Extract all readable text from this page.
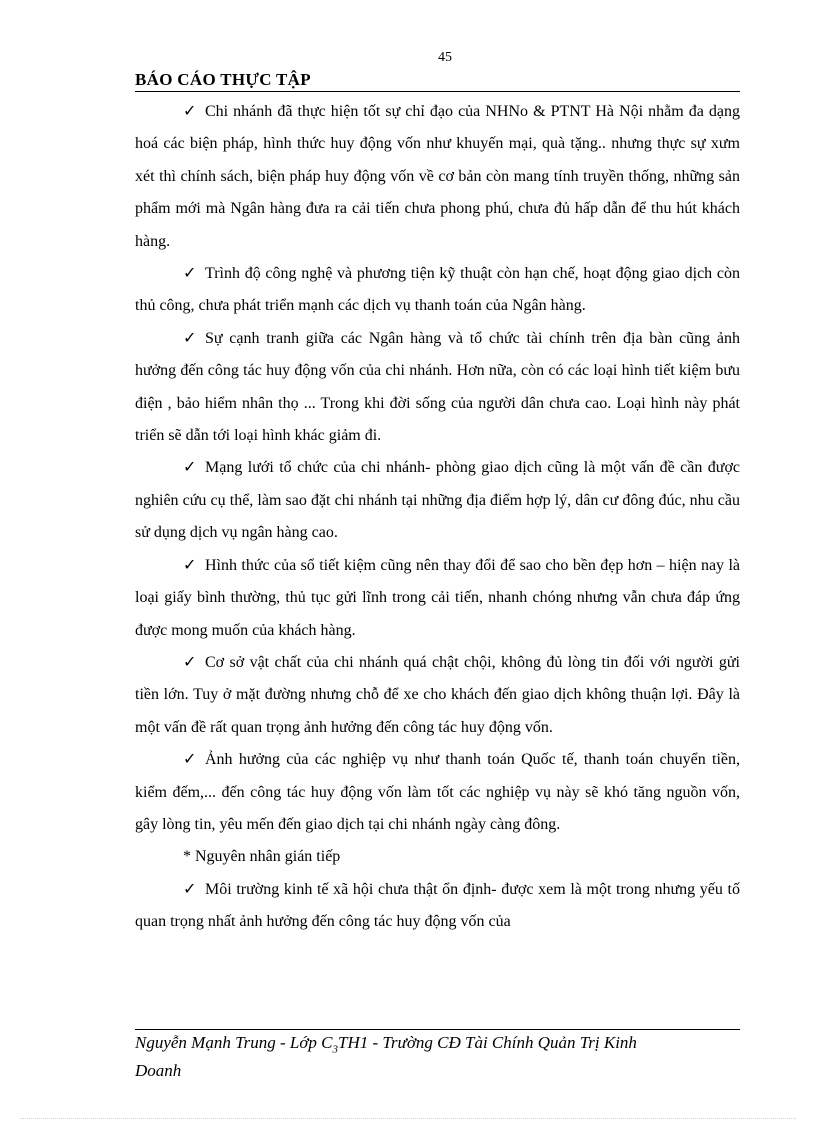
45
BÁO CÁO THỰC TẬP

✓ Chi nhánh đã thực hiện tốt sự chỉ đạo của NHNo & PTNT Hà Nội nhằm đa dạng hoá các biện pháp, hình thức huy động vốn như khuyến mại, quà tặng.. nhưng thực sự xưm xét thì chính sách, biện pháp huy động vốn về cơ bản còn mang tính truyền thống, những sản phẩm mới mà Ngân hàng đưa ra cải tiến chưa phong phú, chưa đủ hấp dẫn để thu hút khách hàng.

✓ Trình độ công nghệ và phương tiện kỹ thuật còn hạn chế, hoạt động giao dịch còn thủ công, chưa phát triển mạnh các dịch vụ thanh toán của Ngân hàng.

✓ Sự cạnh tranh giữa các Ngân hàng và tổ chức tài chính trên địa bàn cũng ảnh hưởng đến công tác huy động vốn của chi nhánh. Hơn nữa, còn có các loại hình tiết kiệm bưu điện , bảo hiểm nhân thọ ... Trong khi đời sống của người dân chưa cao. Loại hình này phát triển sẽ dẫn tới loại hình khác giảm đi.

✓ Mạng lưới tổ chức của chi nhánh- phòng giao dịch cũng là một vấn đề cần được nghiên cứu cụ thể, làm sao đặt chi nhánh tại những địa điểm hợp lý, dân cư đông đúc, nhu cầu sử dụng dịch vụ ngân hàng cao.

✓ Hình thức của sổ tiết kiệm cũng nên thay đổi để sao cho bền đẹp hơn – hiện nay là loại giấy bình thường, thủ tục gửi lĩnh trong cải tiến, nhanh chóng nhưng vẫn chưa đáp ứng được mong muốn của khách hàng.

✓ Cơ sở vật chất của chi nhánh quá chật chội, không đủ lòng tin đối với người gửi tiền lớn. Tuy ở mặt đường nhưng chỗ để xe cho khách đến giao dịch không thuận lợi. Đây là một vấn đề rất quan trọng ảnh hưởng đến công tác huy động vốn.

✓ Ảnh hưởng của các nghiệp vụ như thanh toán Quốc tế, thanh toán chuyển tiền, kiểm đếm,... đến công tác huy động vốn làm tốt các nghiệp vụ này sẽ khó tăng nguồn vốn, gây lòng tin, yêu mến đến giao dịch tại chi nhánh ngày càng đông.

* Nguyên nhân gián tiếp

✓ Môi trường kinh tế xã hội chưa thật ổn định- được xem là một trong nhưng yếu tố quan trọng nhất ảnh hưởng đến công tác huy động vốn của

Nguyễn Mạnh Trung - Lớp $C_3TH1$ - Trường CĐ Tài Chính Quản Trị Kinh
Doanh
